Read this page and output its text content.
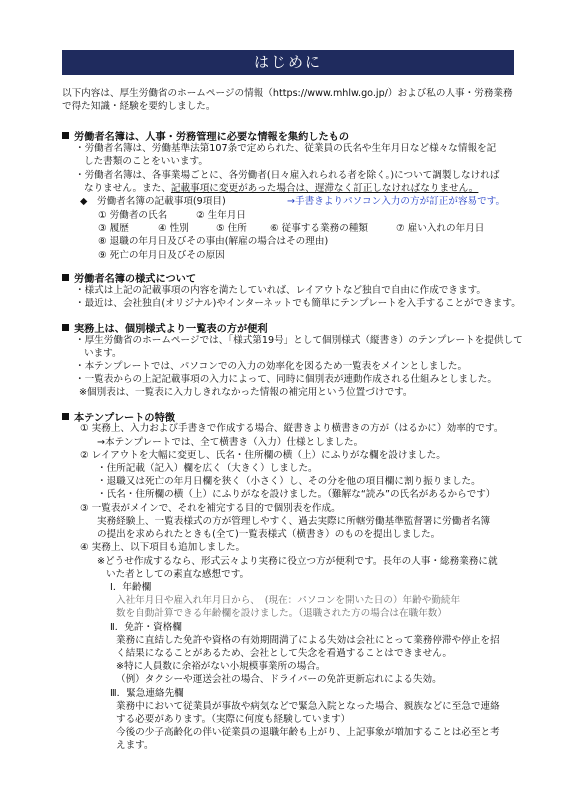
はじめに
以下内容は、厚生労働省のホームページの情報（https://www.mhlw.go.jp/）および私の人事・労務業務
で得た知識・経験を要約しました。
労働者名簿は、人事・労務管理に必要な情報を集約したもの
・労働者名簿は、労働基準法第107条で定められた、従業員の氏名や生年月日など様々な情報を記
した書類のことをいいます。
・労働者名簿は、各事業場ごとに、各労働者(日々雇入れられる者を除く。)について調製しなければ
なりません。また、記載事項に変更があった場合は、遅滞なく訂正しなければなりません。
◆　労働者名簿の記載事項(9項目)	→手書きよりパソコン入力の方が訂正が容易です。
① 労働者の氏名	② 生年月日
③ 履歴	④ 性別	⑤ 住所 ⑥ 従事する業務の種類	⑦ 雇い入れの年月日
⑧ 退職の年月日及びその事由(解雇の場合はその理由)
⑨ 死亡の年月日及びその原因
労働者名簿の様式について
・様式は上記の記載事項の内容を満たしていれば、レイアウトなど独自で自由に作成できます。
・最近は、会社独自(オリジナル)やインターネットでも簡単にテンプレートを入手することができます。
実務上は、個別様式より一覧表の方が便利
・厚生労働省のホームページでは、「様式第19号」として個別様式（縦書き）のテンプレートを提供して
います。
・本テンプレートでは、パソコンでの入力の効率化を図るため一覧表をメインとしました。
・一覧表からの上記記載事項の入力によって、同時に個別表が連動作成される仕組みとしました。
※個別表は、一覧表に入力しきれなかった情報の補完用という位置づけです。
本テンプレートの特徴
① 実務上、入力および手書きで作成する場合、縦書きより横書きの方が（はるかに）効率的です。
→本テンプレートでは、全て横書き（入力）仕様としました。
② レイアウトを大幅に変更し、氏名・住所欄の横（上）にふりがな欄を設けました。
・住所記載（記入）欄を広く（大きく）しました。
・退職又は死亡の年月日欄を狭く（小さく）し、その分を他の項目欄に割り振りました。
・氏名・住所欄の横（上）にふりがなを設けました。（難解な“読み”の氏名があるからです）
③ 一覧表がメインで、それを補完する目的で個別表を作成。
実務経験上、一覧表様式の方が管理しやすく、過去実際に所轄労働基準監督署に労働者名簿
の提出を求められたときも(全て)一覧表様式（横書き）のものを提出しました。
④ 実務上、以下項目も追加しました。
※どうせ作成するなら、形式云々より実務に役立つ方が便利です。長年の人事・総務業務に就
いた者としての素直な感想です。
Ⅰ．年齢欄
入社年月日や雇入れ年月日から、　(現在：パソコンを開いた日の）年齢や勤続年
数を自動計算できる年齢欄を設けました。（退職された方の場合は在職年数）
Ⅱ．免許・資格欄
業務に直結した免許や資格の有効期間満了による失効は会社にとって業務停滞や停止を招
く結果になることがあるため、会社として失念を看過することはできません。
※特に人員数に余裕がない小規模事業所の場合。
（例）タクシーや運送会社の場合、ドライバーの免許更新忘れによる失効。
Ⅲ．緊急連絡先欄
業務中において従業員が事故や病気などで緊急入院となった場合、親族などに至急で連絡
する必要があります。（実際に何度も経験しています）
今後の少子高齢化の伴い従業員の退職年齢も上がり、上記事象が増加することは必至と考
えます。
